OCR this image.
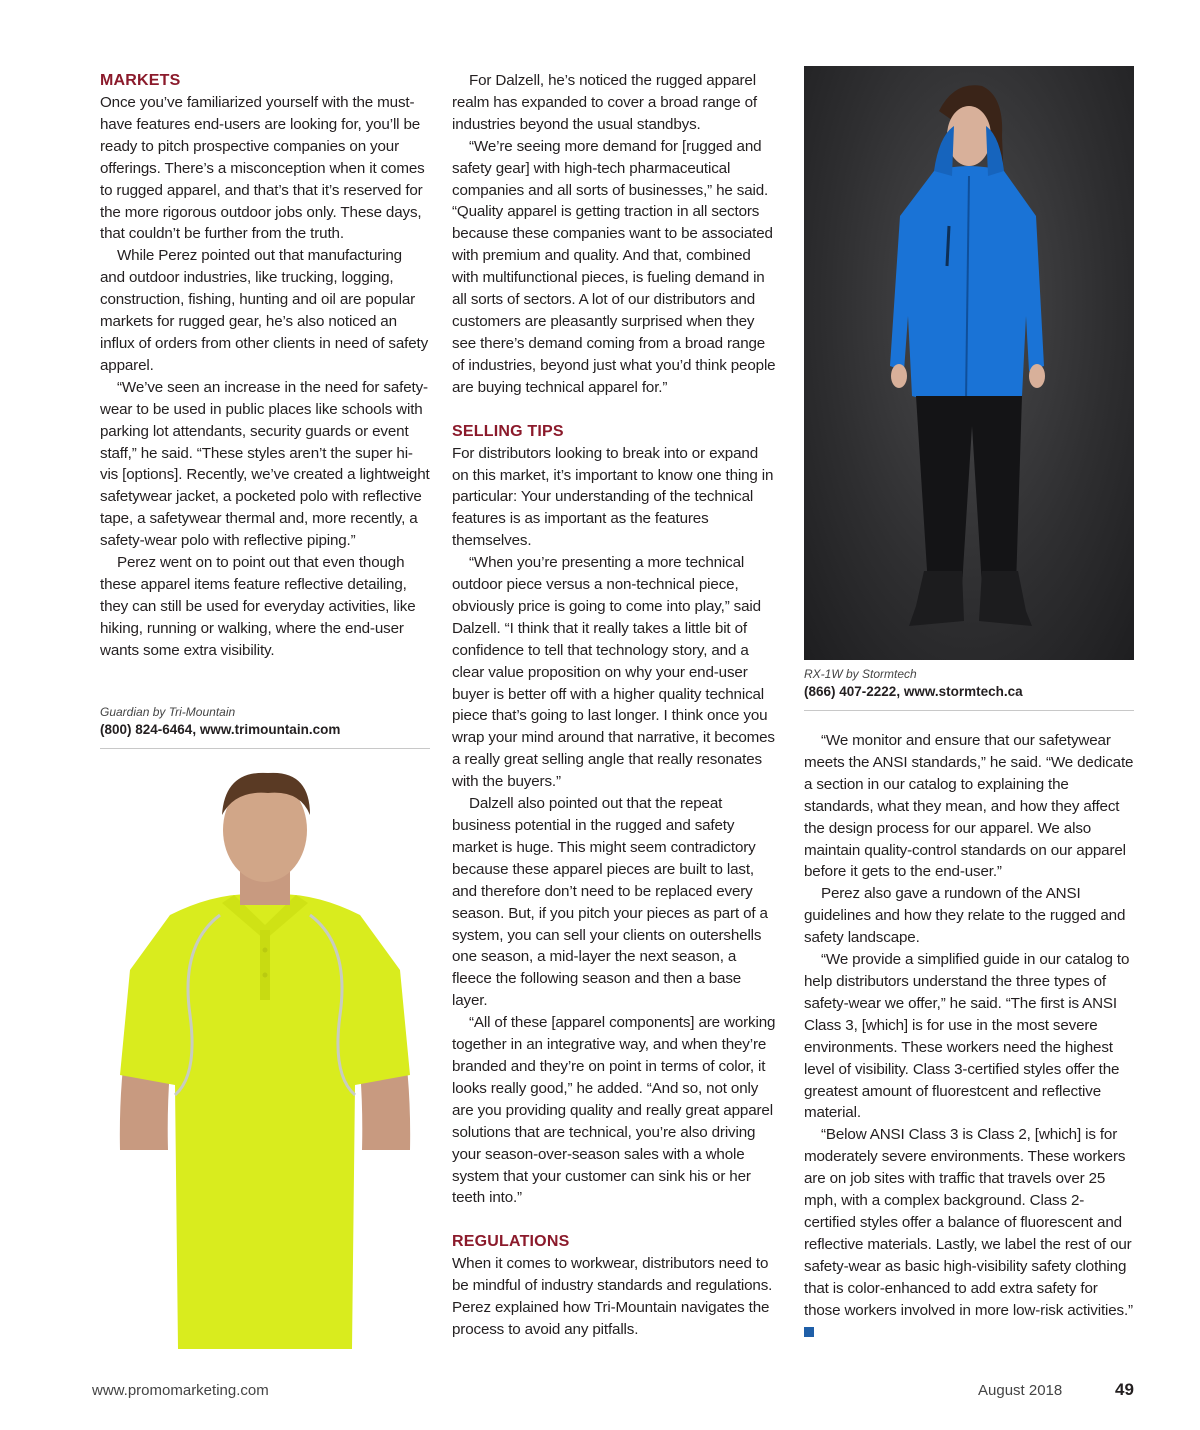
MARKETS

Once you’ve familiarized yourself with the must-have features end-users are looking for, you’ll be ready to pitch prospective companies on your offerings. There’s a misconception when it comes to rugged apparel, and that’s that it’s reserved for the more rigorous outdoor jobs only. These days, that couldn’t be further from the truth.

While Perez pointed out that manufacturing and outdoor industries, like trucking, logging, construction, fishing, hunting and oil are popular markets for rugged gear, he’s also noticed an influx of orders from other clients in need of safety apparel.

“We’ve seen an increase in the need for safety-wear to be used in public places like schools with parking lot attendants, security guards or event staff,” he said. “These styles aren’t the super hi-vis [options]. Recently, we’ve created a lightweight safetywear jacket, a pocketed polo with reflective tape, a safetywear thermal and, more recently, a safety-wear polo with reflective piping.”

Perez went on to point out that even though these apparel items feature reflective detailing, they can still be used for everyday activities, like hiking, running or walking, where the end-user wants some extra visibility.

Guardian by Tri-Mountain

(800) 824-6464, www.trimountain.com

For Dalzell, he’s noticed the rugged apparel realm has expanded to cover a broad range of industries beyond the usual standbys.

“We’re seeing more demand for [rugged and safety gear] with high-tech pharmaceutical companies and all sorts of businesses,” he said. “Quality apparel is getting traction in all sectors because these companies want to be associated with premium and quality. And that, combined with multifunctional pieces, is fueling demand in all sorts of sectors. A lot of our distributors and customers are pleasantly surprised when they see there’s demand coming from a broad range of industries, beyond just what you’d think people are buying technical apparel for.”

SELLING TIPS

For distributors looking to break into or expand on this market, it’s important to know one thing in particular: Your understanding of the technical features is as important as the features themselves.

“When you’re presenting a more technical outdoor piece versus a non-technical piece, obviously price is going to come into play,” said Dalzell. “I think that it really takes a little bit of confidence to tell that technology story, and a clear value proposition on why your end-user buyer is better off with a higher quality technical piece that’s going to last longer. I think once you wrap your mind around that narrative, it becomes a really great selling angle that really resonates with the buyers.”

Dalzell also pointed out that the repeat business potential in the rugged and safety market is huge. This might seem contradictory because these apparel pieces are built to last, and therefore don’t need to be replaced every season. But, if you pitch your pieces as part of a system, you can sell your clients on outershells one season, a mid-layer the next season, a fleece the following season and then a base layer.

“All of these [apparel components] are working together in an integrative way, and when they’re branded and they’re on point in terms of color, it looks really good,” he added. “And so, not only are you providing quality and really great apparel solutions that are technical, you’re also driving your season-over-season sales with a whole system that your customer can sink his or her teeth into.”

REGULATIONS

When it comes to workwear, distributors need to be mindful of industry standards and regulations. Perez explained how Tri-Mountain navigates the process to avoid any pitfalls.

RX-1W by Stormtech

(866) 407-2222, www.stormtech.ca

“We monitor and ensure that our safetywear meets the ANSI standards,” he said. “We dedicate a section in our catalog to explaining the standards, what they mean, and how they affect the design process for our apparel. We also maintain quality-control standards on our apparel before it gets to the end-user.”

Perez also gave a rundown of the ANSI guidelines and how they relate to the rugged and safety landscape.

“We provide a simplified guide in our catalog to help distributors understand the three types of safety-wear we offer,” he said. “The first is ANSI Class 3, [which] is for use in the most severe environments. These workers need the highest level of visibility. Class 3-certified styles offer the greatest amount of fluorestcent and reflective material.

“Below ANSI Class 3 is Class 2, [which] is for moderately severe environments. These workers are on job sites with traffic that travels over 25 mph, with a complex background. Class 2-certified styles offer a balance of fluorescent and reflective materials. Lastly, we label the rest of our safety-wear as basic high-visibility safety clothing that is color-enhanced to add extra safety for those workers involved in more low-risk activities.” pm

www.promomarketing.com	August 2018	49
